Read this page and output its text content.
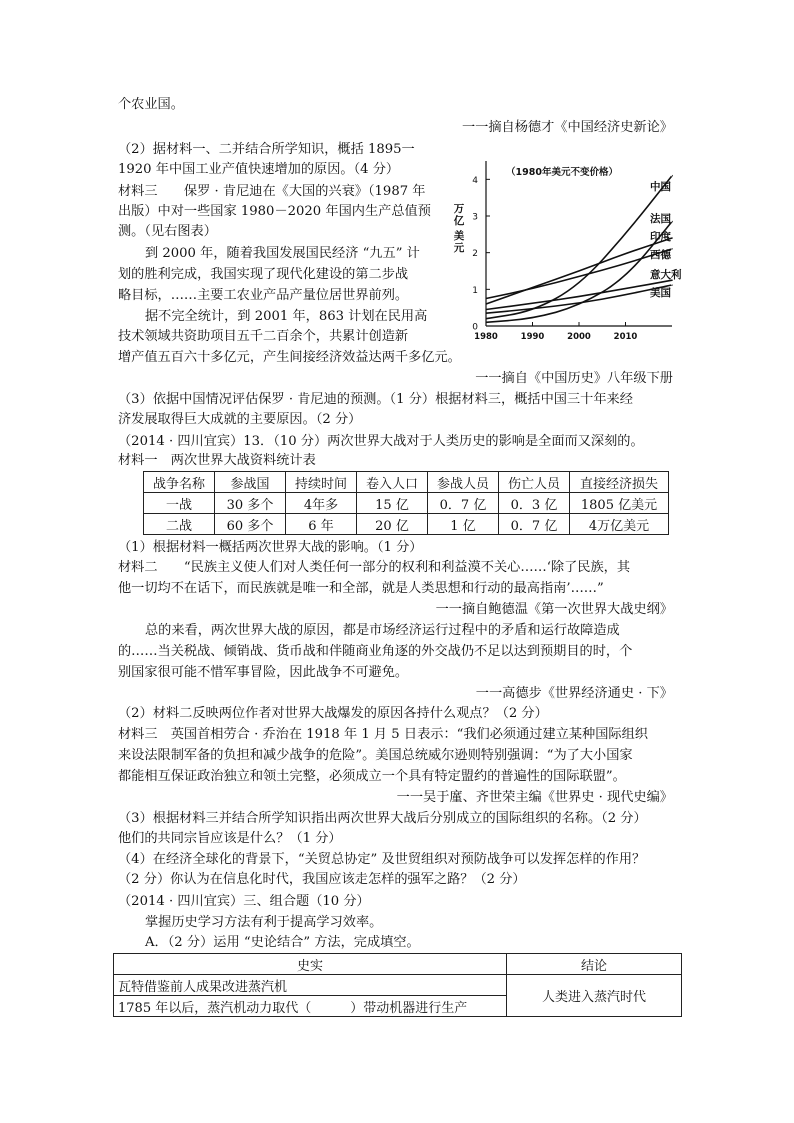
个农业国。
一一摘自杨德才《中国经济史新论》
（2）据材料一、二并结合所学知识，概括 1895一
1920 年中国工业产值快速增加的原因。（4 分）
材料三　　保罗 · 肯尼迪在《大国的兴衰》（1987 年
出版）中对一些国家 1980－2020 年国内生产总值预
测。（见右图表）
到 2000 年，随着我国发展国民经济 “九五” 计
划的胜利完成，我国实现了现代化建设的第二步战
略目标，……主要工农业产品产量位居世界前列。
据不完全统计，到 2001 年，863 计划在民用高
技术领域共资助项目五千二百余个，共累计创造新
增产值五百六十多亿元，产生间接经济效益达两千多亿元。
一一摘自《中国历史》八年级下册
（3）依据中国情况评估保罗 · 肯尼迪的预测。（1 分）根据材料三，概括中国三十年来经
济发展取得巨大成就的主要原因。（2 分）
（2014 · 四川宜宾）13．（10 分）两次世界大战对于人类历史的影响是全面而又深刻的。
材料一　两次世界大战资料统计表
战争名称	参战国	持续时间	卷入人口	参战人员	伤亡人员	直接经济损失
一战	30 多个	4年多	15 亿	0．7 亿	0．3 亿	1805 亿美元
二战	60 多个	6 年	20 亿	1 亿	0．7 亿	4万亿美元
（1）根据材料一概括两次世界大战的影响。（1 分）
材料二　　“民族主义使人们对人类任何一部分的权利和利益漠不关心……‘除了民族，其
他一切均不在话下，而民族就是唯一和全部，就是人类思想和行动的最高指南’……”
一一摘自鲍德温《第一次世界大战史纲》
总的来看，两次世界大战的原因，都是市场经济运行过程中的矛盾和运行故障造成
的……当关税战、倾销战、货币战和伴随商业角逐的外交战仍不足以达到预期目的时，个
别国家很可能不惜军事冒险，因此战争不可避免。
一一高德步《世界经济通史 · 下》
（2）材料二反映两位作者对世界大战爆发的原因各持什么观点？（2 分）
材料三　英国首相劳合 · 乔治在 1918 年 1 月 5 日表示：“我们必须通过建立某种国际组织
来设法限制军备的负担和减少战争的危险”。美国总统威尔逊则特别强调：“为了大小国家
都能相互保证政治独立和领土完整，必须成立一个具有特定盟约的普遍性的国际联盟”。
一一吴于廑、齐世荣主编《世界史 · 现代史编》
（3）根据材料三并结合所学知识指出两次世界大战后分别成立的国际组织的名称。（2 分）
他们的共同宗旨应该是什么？（1 分）
（4）在经济全球化的背景下，“关贸总协定” 及世贸组织对预防战争可以发挥怎样的作用？
（2 分）你认为在信息化时代，我国应该走怎样的强军之路？（2 分）
（2014 · 四川宜宾）三、组合题（10 分）
掌握历史学习方法有利于提高学习效率。
A．（2 分）运用 “史论结合” 方法，完成填空。
史实	结论
瓦特借鉴前人成果改进蒸汽机	人类进入蒸汽时代
1785 年以后，蒸汽机动力取代（　　　）带动机器进行生产	
0
1
2
3
4
1980	1990	2000	2010
万
亿
美
元
（1980年美元不变价格）
中国
法国
印度
西德
意大利
美国
